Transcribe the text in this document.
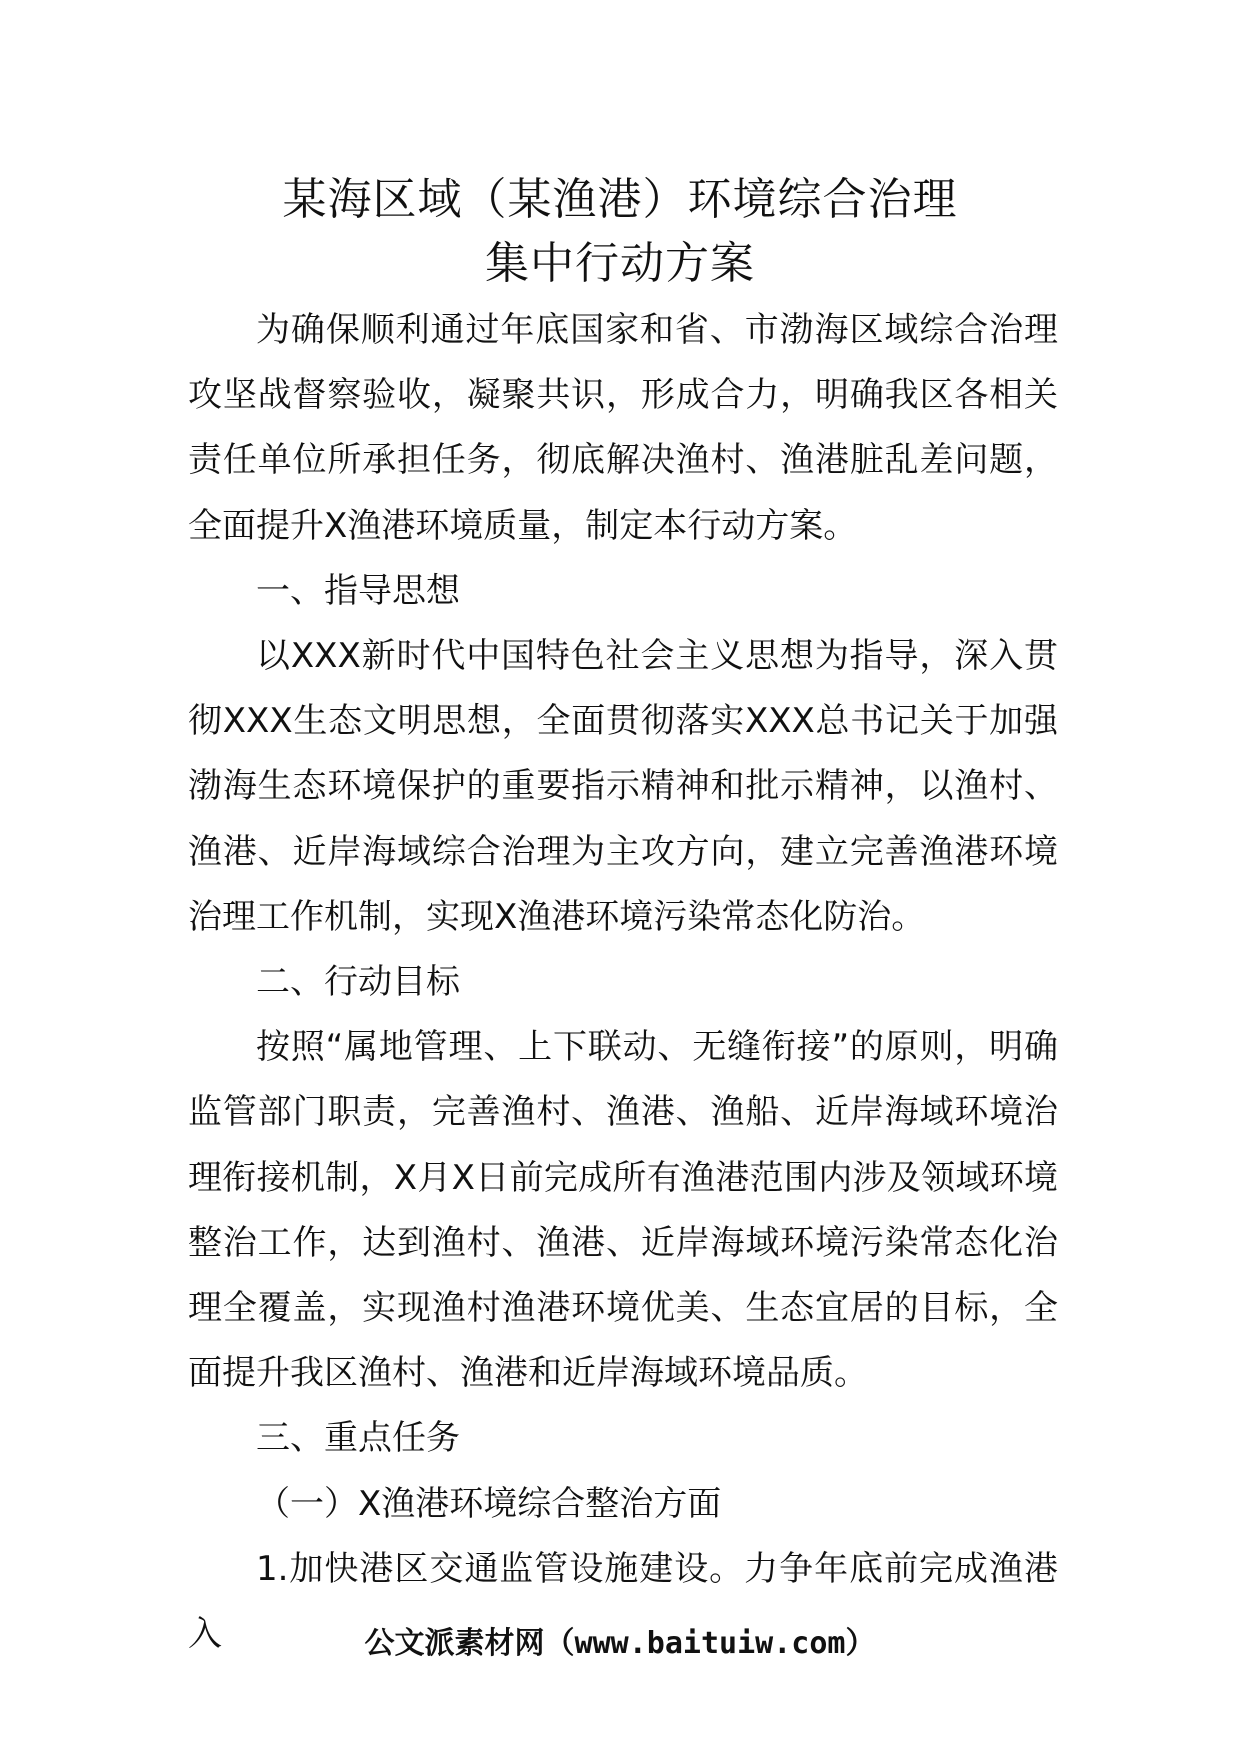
某海区域（某渔港）环境综合治理
集中行动方案

为确保顺利通过年底国家和省、市渤海区域综合治理攻坚战督察验收，凝聚共识，形成合力，明确我区各相关责任单位所承担任务，彻底解决渔村、渔港脏乱差问题，全面提升X渔港环境质量，制定本行动方案。

一、指导思想

以XXX新时代中国特色社会主义思想为指导，深入贯彻XXX生态文明思想，全面贯彻落实XXX总书记关于加强渤海生态环境保护的重要指示精神和批示精神，以渔村、渔港、近岸海域综合治理为主攻方向，建立完善渔港环境治理工作机制，实现X渔港环境污染常态化防治。

二、行动目标

按照“属地管理、上下联动、无缝衔接”的原则，明确监管部门职责，完善渔村、渔港、渔船、近岸海域环境治理衔接机制，X月X日前完成所有渔港范围内涉及领域环境整治工作，达到渔村、渔港、近岸海域环境污染常态化治理全覆盖，实现渔村渔港环境优美、生态宜居的目标，全面提升我区渔村、渔港和近岸海域环境品质。

三、重点任务

（一）X渔港环境综合整治方面

1.加快港区交通监管设施建设。力争年底前完成渔港入	公文派素材网（www.baituiw.com）
